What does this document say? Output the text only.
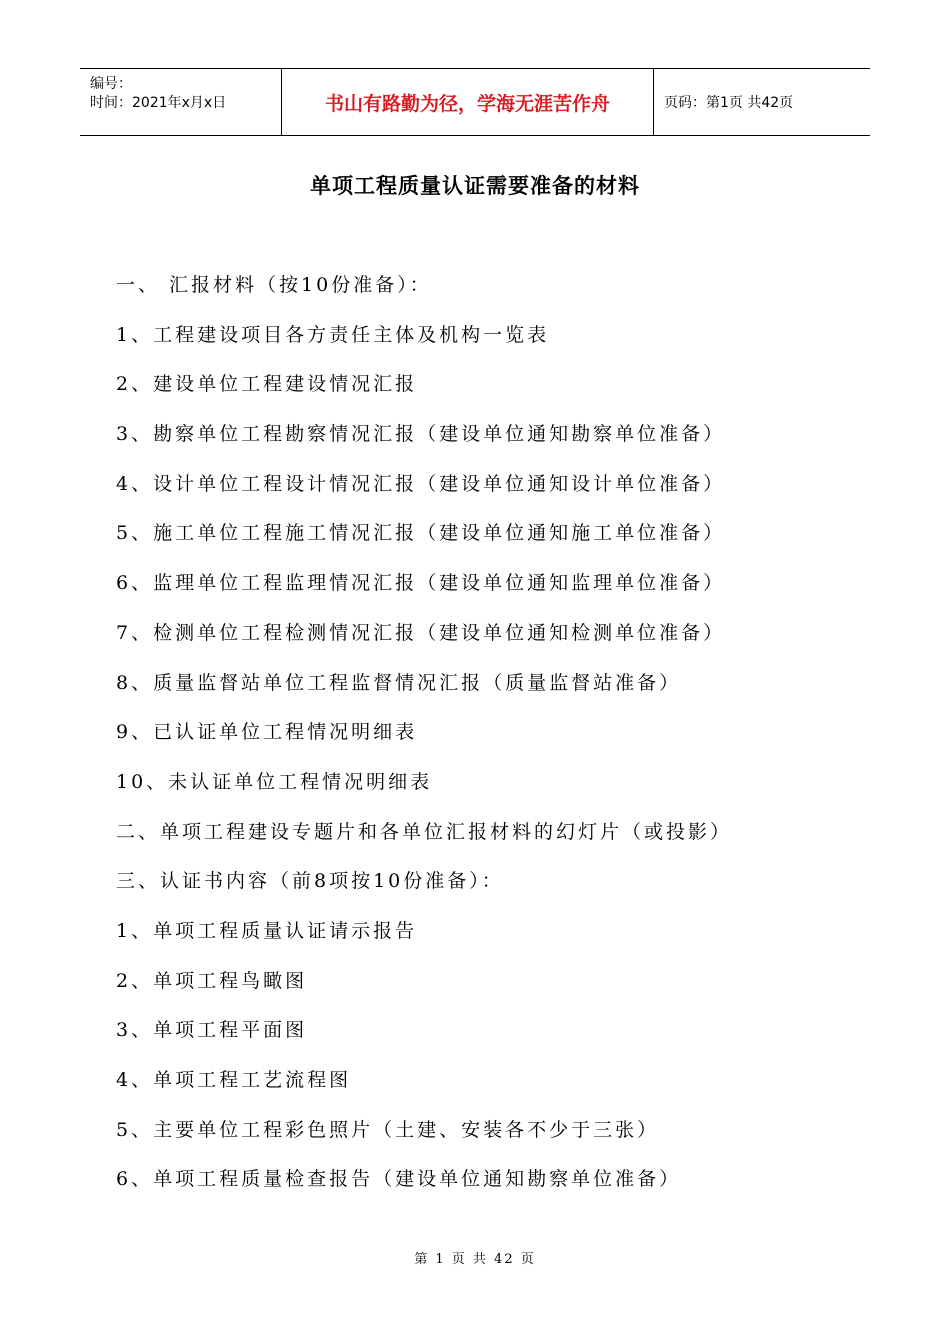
编号：
时间：2021年x月x日	书山有路勤为径，学海无涯苦作舟	页码：第1页 共42页
单项工程质量认证需要准备的材料
一、 汇报材料（按10份准备）：
1、工程建设项目各方责任主体及机构一览表
2、建设单位工程建设情况汇报
3、勘察单位工程勘察情况汇报（建设单位通知勘察单位准备）
4、设计单位工程设计情况汇报（建设单位通知设计单位准备）
5、施工单位工程施工情况汇报（建设单位通知施工单位准备）
6、监理单位工程监理情况汇报（建设单位通知监理单位准备）
7、检测单位工程检测情况汇报（建设单位通知检测单位准备）
8、质量监督站单位工程监督情况汇报（质量监督站准备）
9、已认证单位工程情况明细表
10、未认证单位工程情况明细表
二、单项工程建设专题片和各单位汇报材料的幻灯片（或投影）
三、认证书内容（前8项按10份准备）：
1、单项工程质量认证请示报告
2、单项工程鸟瞰图
3、单项工程平面图
4、单项工程工艺流程图
5、主要单位工程彩色照片（土建、安装各不少于三张）
6、单项工程质量检查报告（建设单位通知勘察单位准备）
第 1 页 共 42 页
